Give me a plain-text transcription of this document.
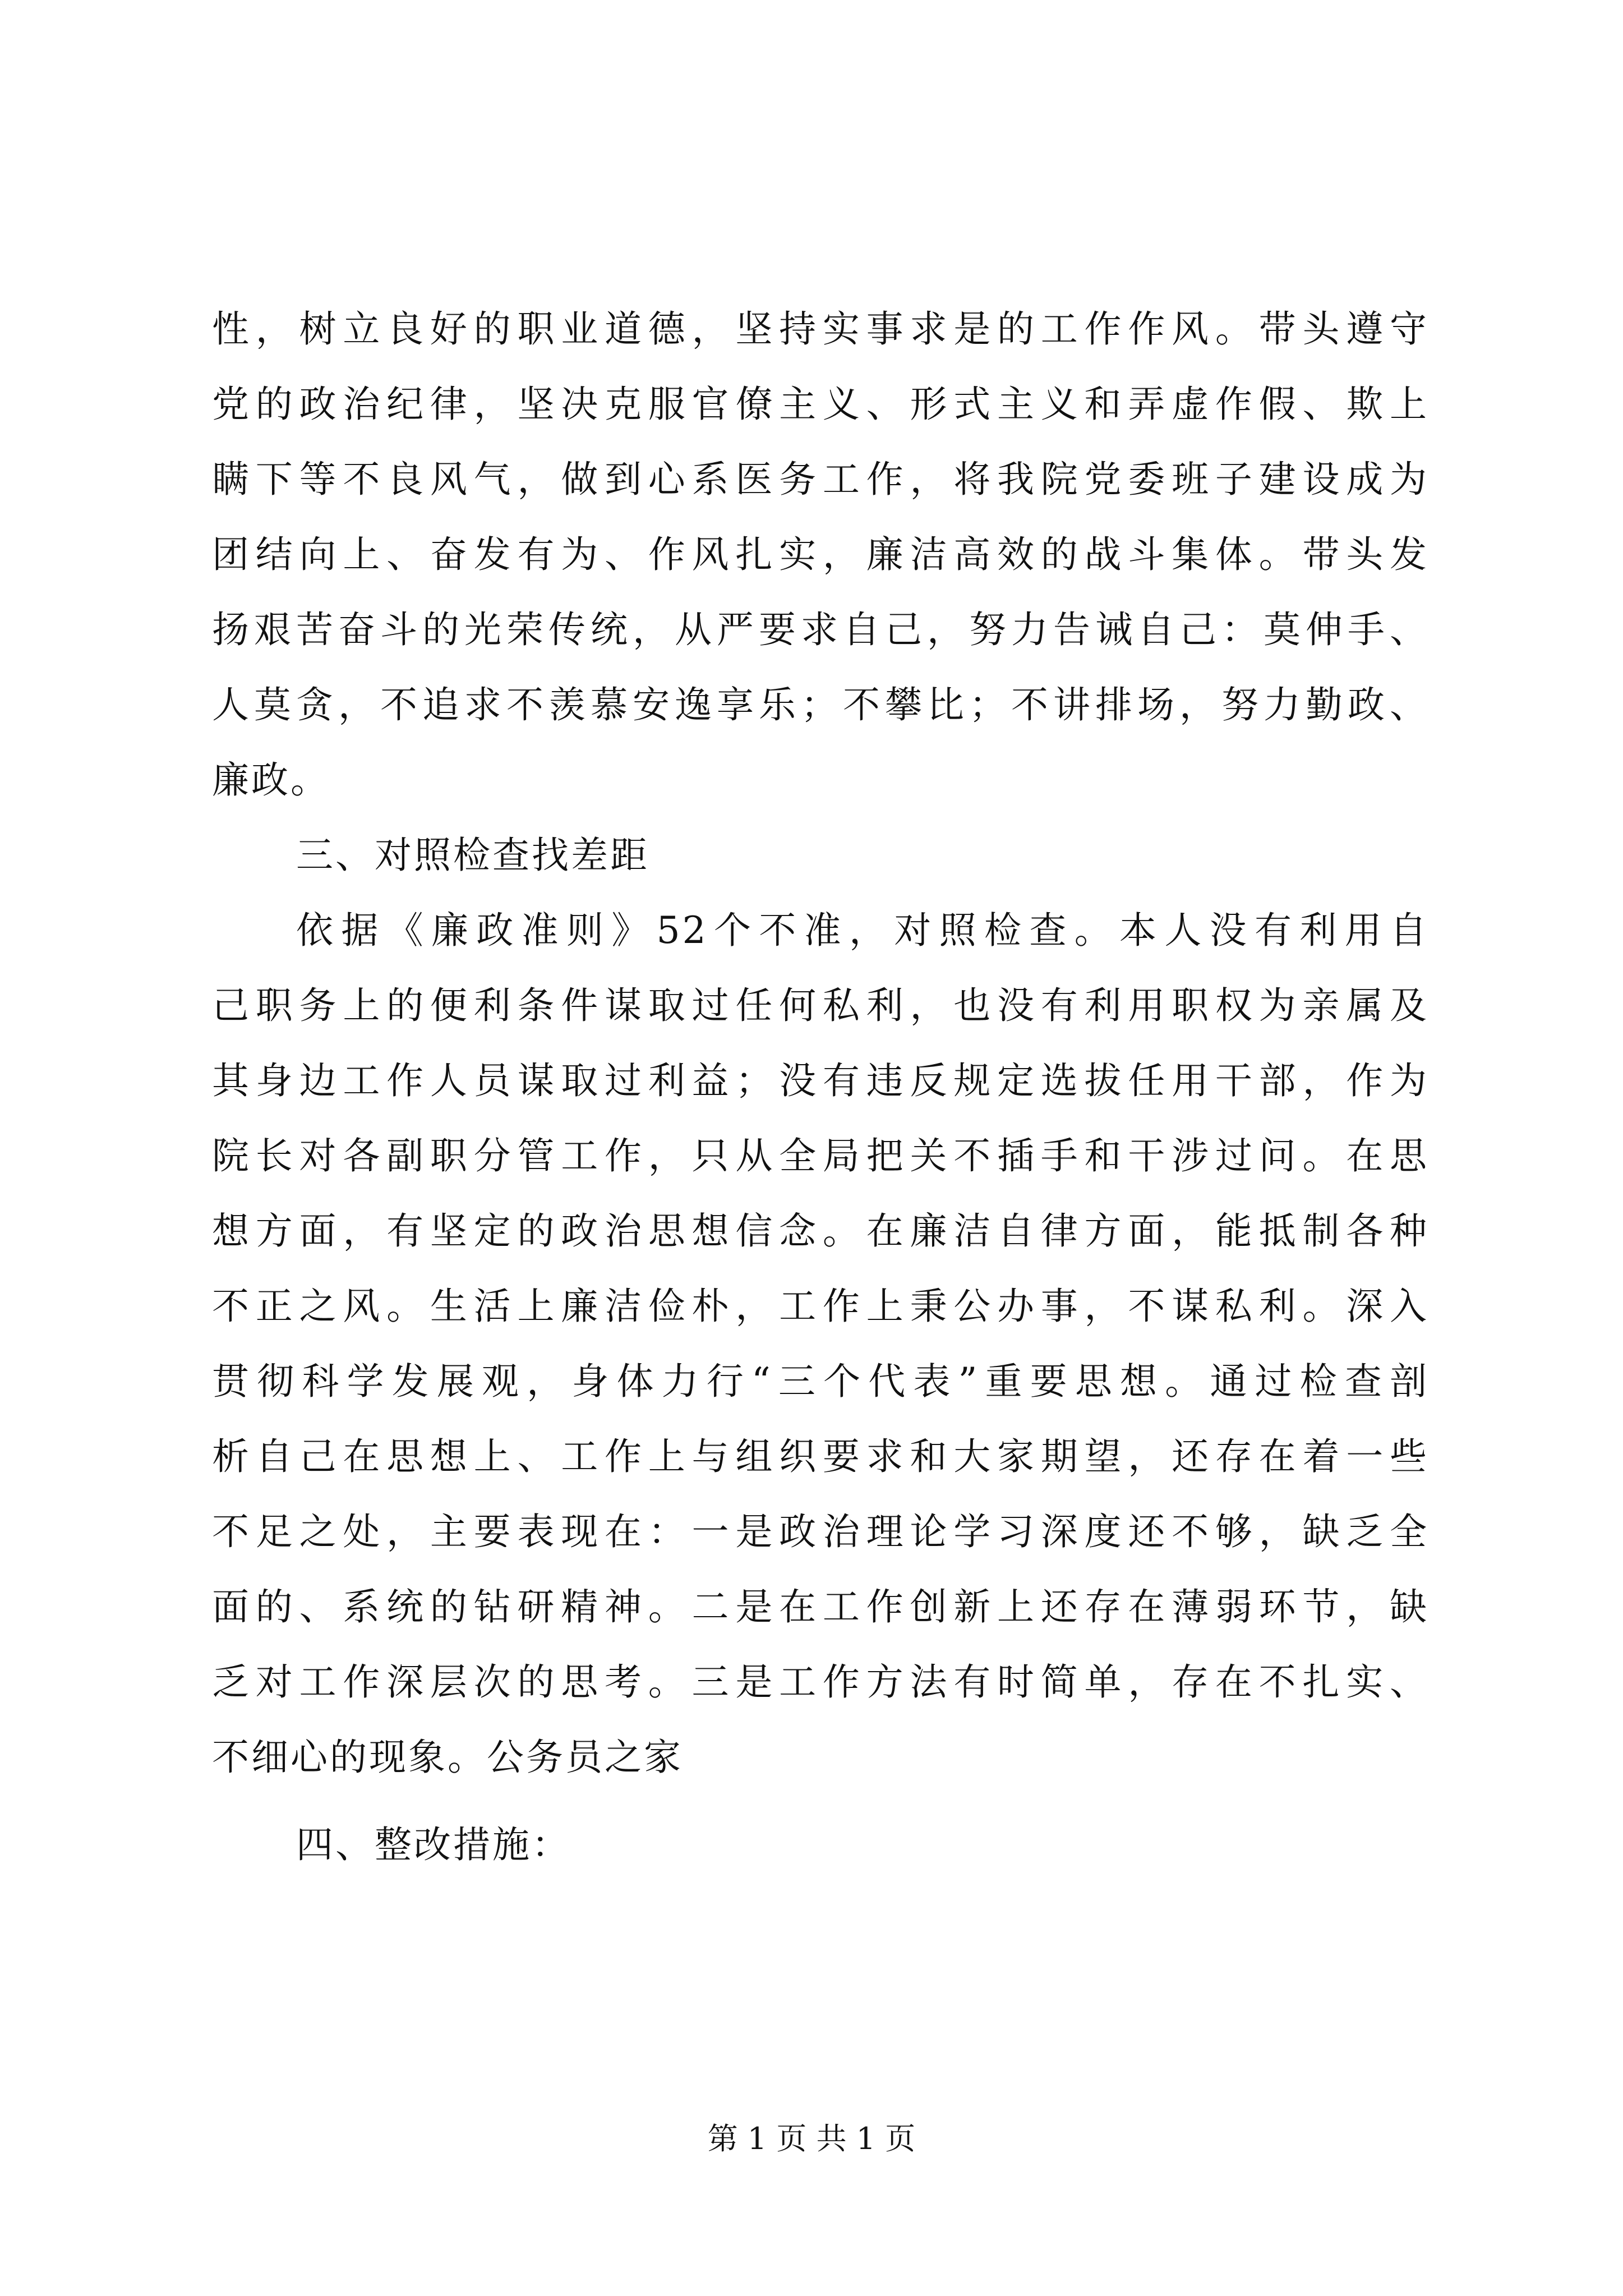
性，树立良好的职业道德，坚持实事求是的工作作风。带头遵守
党的政治纪律，坚决克服官僚主义、形式主义和弄虚作假、欺上
瞒下等不良风气，做到心系医务工作，将我院党委班子建设成为
团结向上、奋发有为、作风扎实，廉洁高效的战斗集体。带头发
扬艰苦奋斗的光荣传统，从严要求自己，努力告诫自己：莫伸手、
人莫贪，不追求不羡慕安逸享乐；不攀比；不讲排场，努力勤政、
廉政。
三、对照检查找差距
依据《廉政准则》52个不准，对照检查。本人没有利用自
己职务上的便利条件谋取过任何私利，也没有利用职权为亲属及
其身边工作人员谋取过利益；没有违反规定选拔任用干部，作为
院长对各副职分管工作，只从全局把关不插手和干涉过问。在思
想方面，有坚定的政治思想信念。在廉洁自律方面，能抵制各种
不正之风。生活上廉洁俭朴，工作上秉公办事，不谋私利。深入
贯彻科学发展观，身体力行“三个代表”重要思想。通过检查剖
析自己在思想上、工作上与组织要求和大家期望，还存在着一些
不足之处，主要表现在：一是政治理论学习深度还不够，缺乏全
面的、系统的钻研精神。二是在工作创新上还存在薄弱环节，缺
乏对工作深层次的思考。三是工作方法有时简单，存在不扎实、
不细心的现象。公务员之家
四、整改措施：
第 1 页 共 1 页
